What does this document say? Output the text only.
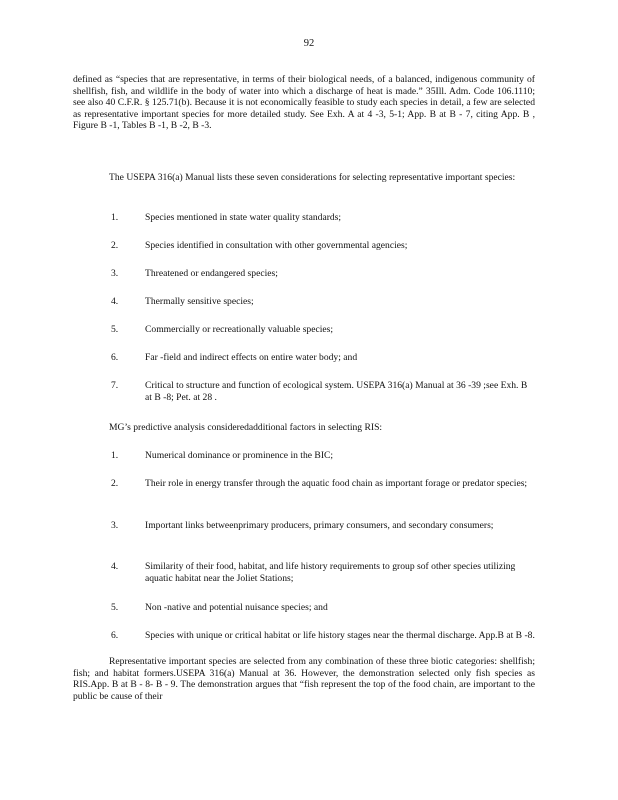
92

defined as “species that are representative, in terms of their biological needs, of a balanced, indigenous community of shellfish, fish, and wildlife in the body of water into which a discharge of heat is made.” 35Ill. Adm. Code 106.1110; see also 40 C.F.R. § 125.71(b). Because it is not economically feasible to study each species in detail, a few are selected as representative important species for more detailed study. See Exh. A at 4 -3, 5-1; App. B at B - 7, citing App. B , Figure B -1, Tables B -1, B -2, B -3.

The USEPA 316(a) Manual lists these seven considerations for selecting representative important species:
1.	Species mentioned in state water quality standards;
2.	Species identified in consultation with other governmental agencies;
3.	Threatened or endangered species;
4.	Thermally sensitive species;
5.	Commercially or recreationally valuable species;
6.	Far -field and indirect effects on entire water body; and
7.	Critical to structure and function of ecological system. USEPA 316(a) Manual at 36 -39 ;see Exh. B at B -8; Pet. at 28 .
MG’s predictive analysis consideredadditional factors in selecting RIS:
1.	Numerical dominance or prominence in the BIC;
2.	Their role in energy transfer through the aquatic food chain as important forage or predator species;
3.	Important links betweenprimary producers, primary consumers, and secondary consumers;
4.	Similarity of their food, habitat, and life history requirements to group sof other species utilizing aquatic habitat near the Joliet Stations;
5.	Non -native and potential nuisance species; and
6.	Species with unique or critical habitat or life history stages near the thermal discharge. App.B at B -8.

Representative important species are selected from any combination of these three biotic categories: shellfish; fish; and habitat formers.USEPA 316(a) Manual at 36. However, the demonstration selected only fish species as RIS.App. B at B - 8- B - 9. The demonstration argues that “fish represent the top of the food chain, are important to the public be cause of their
